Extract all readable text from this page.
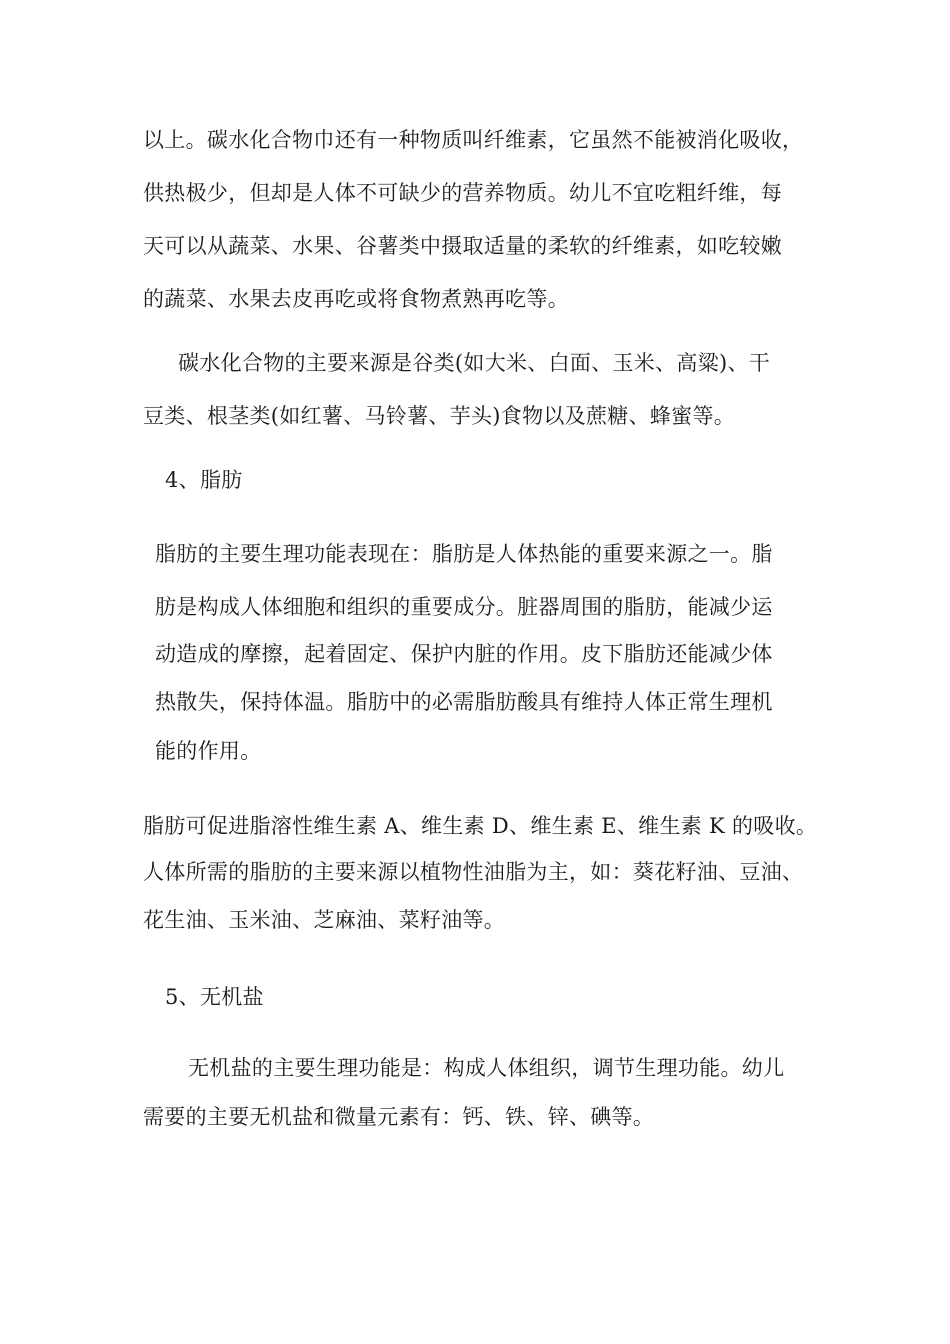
以上。碳水化合物巾还有一种物质叫纤维素，它虽然不能被消化吸收，
供热极少，但却是人体不可缺少的营养物质。幼儿不宜吃粗纤维，每
天可以从蔬菜、水果、谷薯类中摄取适量的柔软的纤维素，如吃较嫩
的蔬菜、水果去皮再吃或将食物煮熟再吃等。
碳水化合物的主要来源是谷类(如大米、白面、玉米、高粱)、干
豆类、根茎类(如红薯、马铃薯、芋头)食物以及蔗糖、蜂蜜等。
4、脂肪
脂肪的主要生理功能表现在：脂肪是人体热能的重要来源之一。脂
肪是构成人体细胞和组织的重要成分。脏器周围的脂肪，能减少运
动造成的摩擦，起着固定、保护内脏的作用。皮下脂肪还能减少体
热散失，保持体温。脂肪中的必需脂肪酸具有维持人体正常生理机
能的作用。
脂肪可促进脂溶性维生素 A、维生素 D、维生素 E、维生素 K 的吸收。
人体所需的脂肪的主要来源以植物性油脂为主，如：葵花籽油、豆油、
花生油、玉米油、芝麻油、菜籽油等。
5、无机盐
无机盐的主要生理功能是：构成人体组织，调节生理功能。幼儿
需要的主要无机盐和微量元素有：钙、铁、锌、碘等。
